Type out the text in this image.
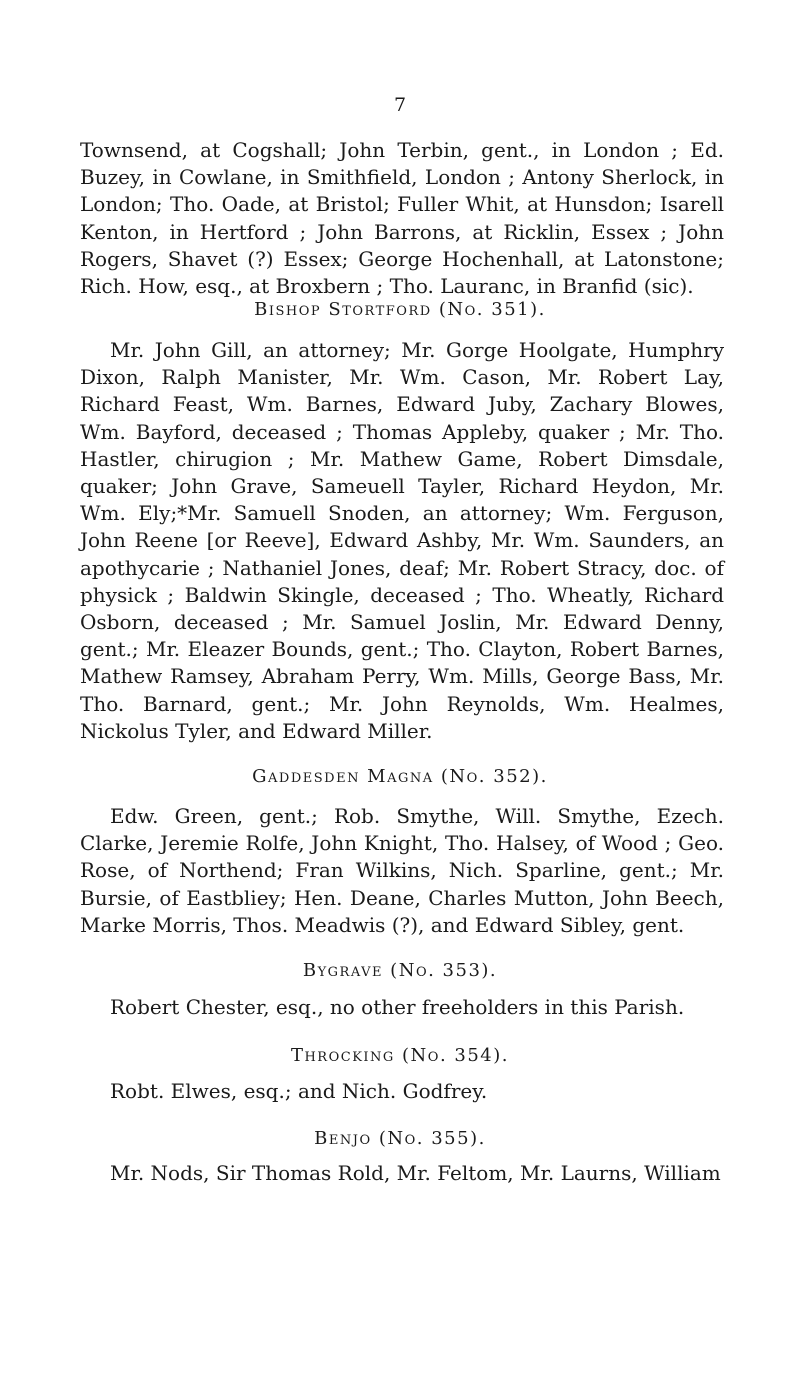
7

Townsend, at Cogshall; John Terbin, gent., in London ; Ed. Buzey, in Cowlane, in Smithfield, London ; Antony Sherlock, in London; Tho. Oade, at Bristol; Fuller Whit, at Hunsdon; Isarell Kenton, in Hertford ; John Barrons, at Ricklin, Essex ; John Rogers, Shavet (?) Essex; George Hochenhall, at Latonstone; Rich. How, esq., at Broxbern ; Tho. Lauranc, in Branfid (sic).

Bishop Stortford (No. 351).

Mr. John Gill, an attorney; Mr. Gorge Hoolgate, Humphry Dixon, Ralph Manister, Mr. Wm. Cason, Mr. Robert Lay, Richard Feast, Wm. Barnes, Edward Juby, Zachary Blowes, Wm. Bayford, deceased ; Thomas Appleby, quaker ; Mr. Tho. Hastler, chirugion ; Mr. Mathew Game, Robert Dimsdale, quaker; John Grave, Sameuell Tayler, Richard Heydon, Mr. Wm. Ely;*Mr. Samuell Snoden, an attorney; Wm. Ferguson, John Reene [or Reeve], Edward Ashby, Mr. Wm. Saunders, an apothycarie ; Nathaniel Jones, deaf; Mr. Robert Stracy, doc. of physick ; Baldwin Skingle, deceased ; Tho. Wheatly, Richard Osborn, deceased ; Mr. Samuel Joslin, Mr. Edward Denny, gent.; Mr. Eleazer Bounds, gent.; Tho. Clayton, Robert Barnes, Mathew Ramsey, Abraham Perry, Wm. Mills, George Bass, Mr. Tho. Barnard, gent.; Mr. John Reynolds, Wm. Healmes, Nickolus Tyler, and Edward Miller.

Gaddesden Magna (No. 352).

Edw. Green, gent.; Rob. Smythe, Will. Smythe, Ezech. Clarke, Jeremie Rolfe, John Knight, Tho. Halsey, of Wood ; Geo. Rose, of Northend; Fran Wilkins, Nich. Sparline, gent.; Mr. Bursie, of Eastbliey; Hen. Deane, Charles Mutton, John Beech, Marke Morris, Thos. Meadwis (?), and Edward Sibley, gent.

Bygrave (No. 353).

Robert Chester, esq., no other freeholders in this Parish.

Throcking (No. 354).

Robt. Elwes, esq.; and Nich. Godfrey.

Benjo (No. 355).

Mr. Nods, Sir Thomas Rold, Mr. Feltom, Mr. Laurns, William
